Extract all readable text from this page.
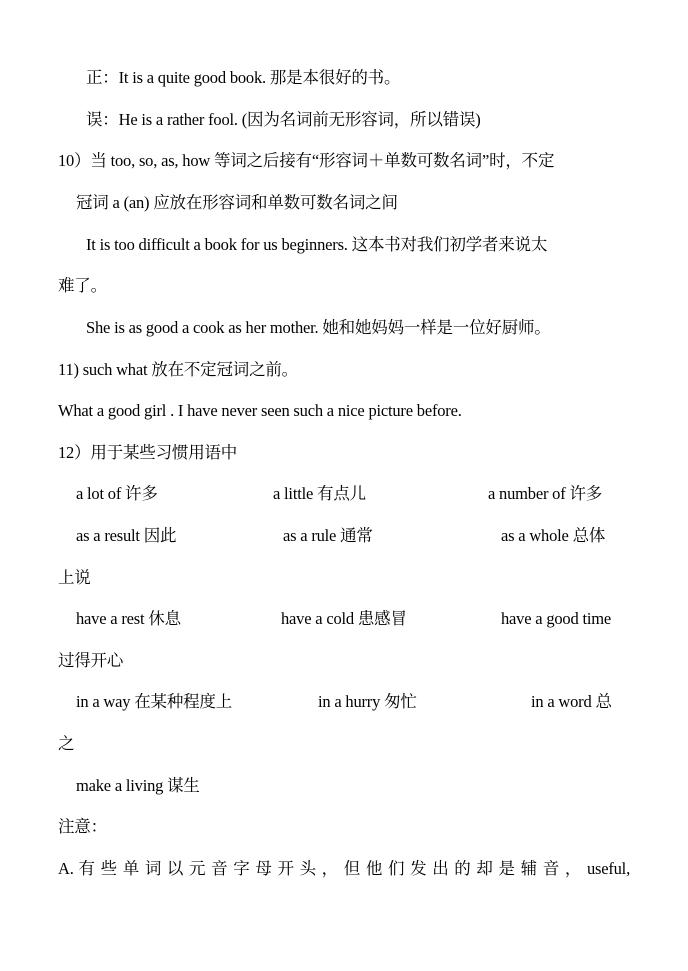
正：It is a quite good book. 那是本很好的书。
误：He is a rather fool. (因为名词前无形容词，所以错误)
10）当 too, so, as, how 等词之后接有“形容词＋单数可数名词”时，不定
冠词 a (an) 应放在形容词和单数可数名词之间
It is too difficult a book for us beginners. 这本书对我们初学者来说太
难了。
She is as good a cook as her mother. 她和她妈妈一样是一位好厨师。
11) such what 放在不定冠词之前。
What a good girl . I have never seen such a nice picture before.
12）用于某些习惯用语中
a lot of 许多	a little 有点儿	a number of 许多
as a result 因此	as a rule 通常	as a whole 总体
上说
have a rest 休息	have a cold 患感冒	have a good time
过得开心
in a way 在某种程度上	in a hurry 匆忙	in a word 总
之
make a living 谋生
注意：
A. 有 些 单 词 以 元 音 字 母 开 头 ， 但 他 们 发 出 的 却 是 辅 音 ， useful,
